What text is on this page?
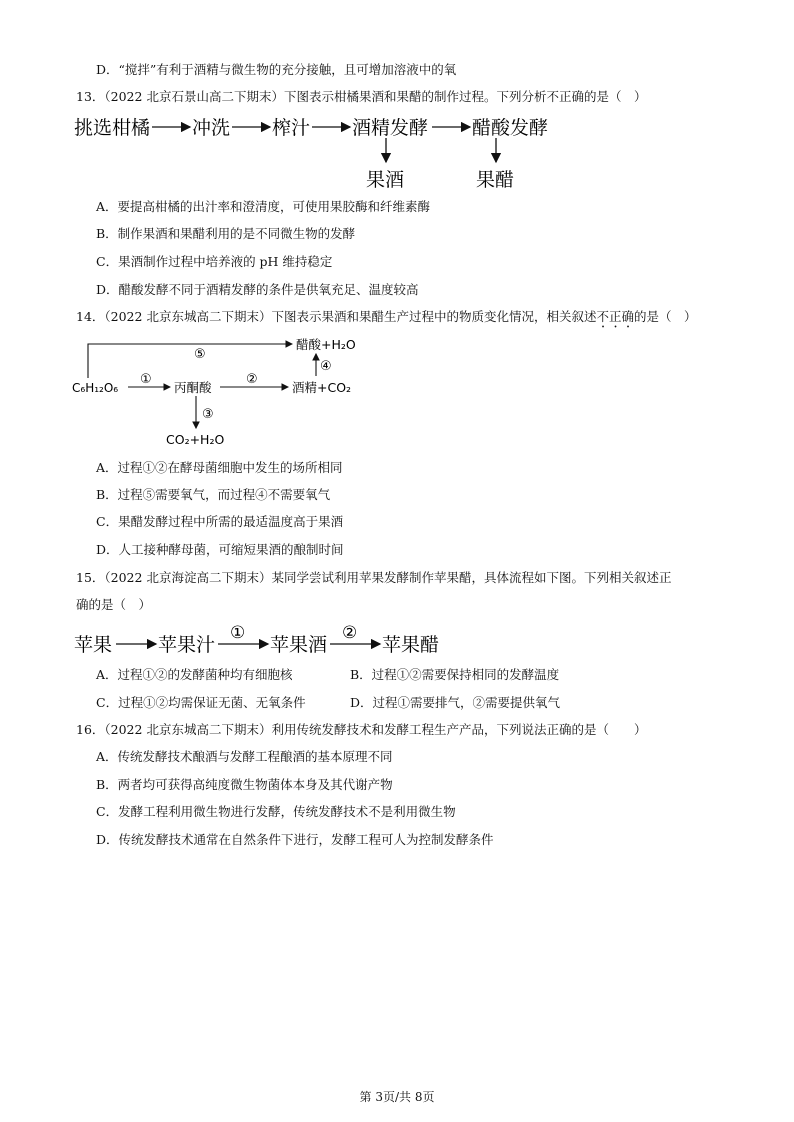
D．“搅拌”有利于酒精与微生物的充分接触，且可增加溶液中的氧
13．（2022 北京石景山高二下期末）下图表示柑橘果酒和果醋的制作过程。下列分析不正确的是（　）
挑选柑橘 冲洗 榨汁 酒精发酵 醋酸发酵
果酒	果醋
A．要提高柑橘的出汁率和澄清度，可使用果胶酶和纤维素酶
B．制作果酒和果醋利用的是不同微生物的发酵
C．果酒制作过程中培养液的 pH 维持稳定
D．醋酸发酵不同于酒精发酵的条件是供氧充足、温度较高
14．（2022 北京东城高二下期末）下图表示果酒和果醋生产过程中的物质变化情况，相关叙述不正确的是（　）
⑤
醋酸+H₂O
C₆H₁₂O₆
①
丙酮酸
②
酒精+CO₂
④
③
CO₂+H₂O
A．过程①②在酵母菌细胞中发生的场所相同
B．过程⑤需要氧气，而过程④不需要氧气
C．果醋发酵过程中所需的最适温度高于果酒
D．人工接种酵母菌，可缩短果酒的酿制时间
15．（2022 北京海淀高二下期末）某同学尝试利用苹果发酵制作苹果醋，具体流程如下图。下列相关叙述正
确的是（　）
苹果 苹果汁
①
苹果酒
②
苹果醋
A．过程①②的发酵菌种均有细胞核	B．过程①②需要保持相同的发酵温度
C．过程①②均需保证无菌、无氧条件	D．过程①需要排气，②需要提供氧气
16．（2022 北京东城高二下期末）利用传统发酵技术和发酵工程生产产品，下列说法正确的是（　　）
A．传统发酵技术酿酒与发酵工程酿酒的基本原理不同
B．两者均可获得高纯度微生物菌体本身及其代谢产物
C．发酵工程利用微生物进行发酵，传统发酵技术不是利用微生物
D．传统发酵技术通常在自然条件下进行，发酵工程可人为控制发酵条件
第 3页/共 8页
